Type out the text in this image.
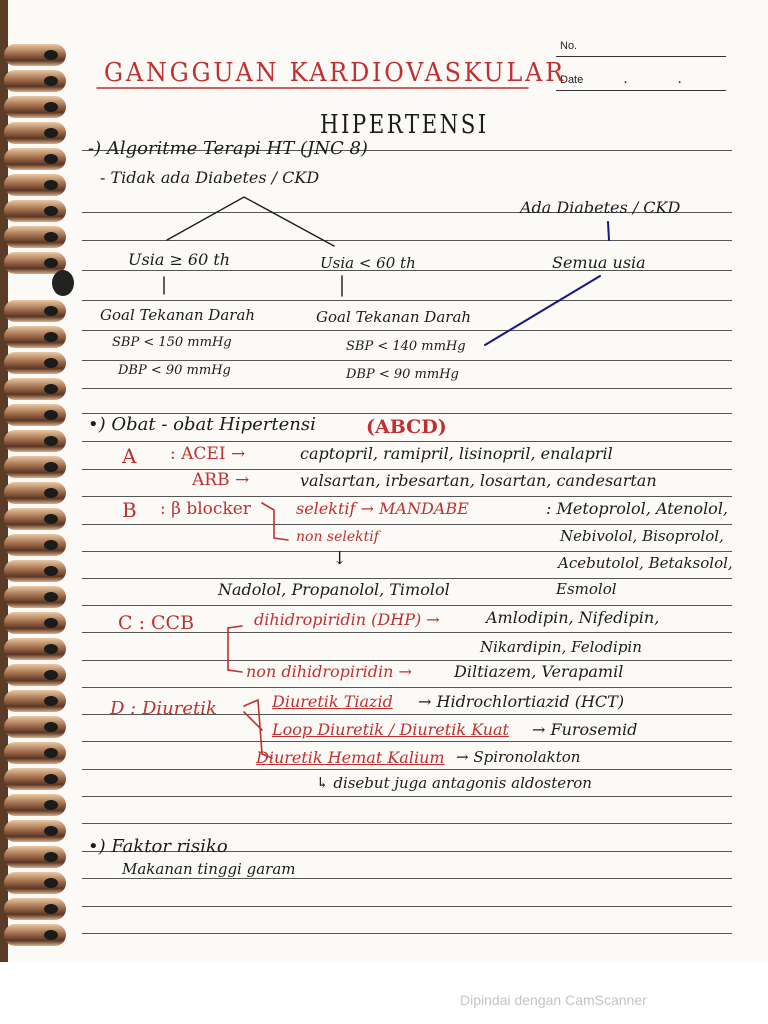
No.
Date	. .
GANGGUAN KARDIOVASKULAR
HIPERTENSI
-) Algoritme Terapi HT (JNC 8)
- Tidak ada Diabetes / CKD
Ada Diabetes / CKD
Usia ≥ 60 th	Usia < 60 th	Semua usia
Goal Tekanan Darah	Goal Tekanan Darah
SBP < 150 mmHg
DBP < 90 mmHg
SBP < 140 mmHg
DBP < 90 mmHg
•) Obat - obat Hipertensi	(ABCD)
A : ACEI →	captopril, ramipril, lisinopril, enalapril
ARB →	valsartan, irbesartan, losartan, candesartan
B : β blocker	selektif → MANDABE	: Metoprolol, Atenolol,
non selektif	Nebivolol, Bisoprolol,
↓	Acebutolol, Betaksolol,
Nadolol, Propanolol, Timolol	Esmolol
C : CCB	dihidropiridin (DHP) →	Amlodipin, Nifedipin,
Nikardipin, Felodipin
non dihidropiridin →	Diltiazem, Verapamil
D : Diuretik	Diuretik Tiazid → Hidrochlortiazid (HCT)
Loop Diuretik / Diuretik Kuat → Furosemid
Diuretik Hemat Kalium → Spironolakton
↳ disebut juga antagonis aldosteron
•) Faktor risiko
Makanan tinggi garam
Dipindai dengan CamScanner
